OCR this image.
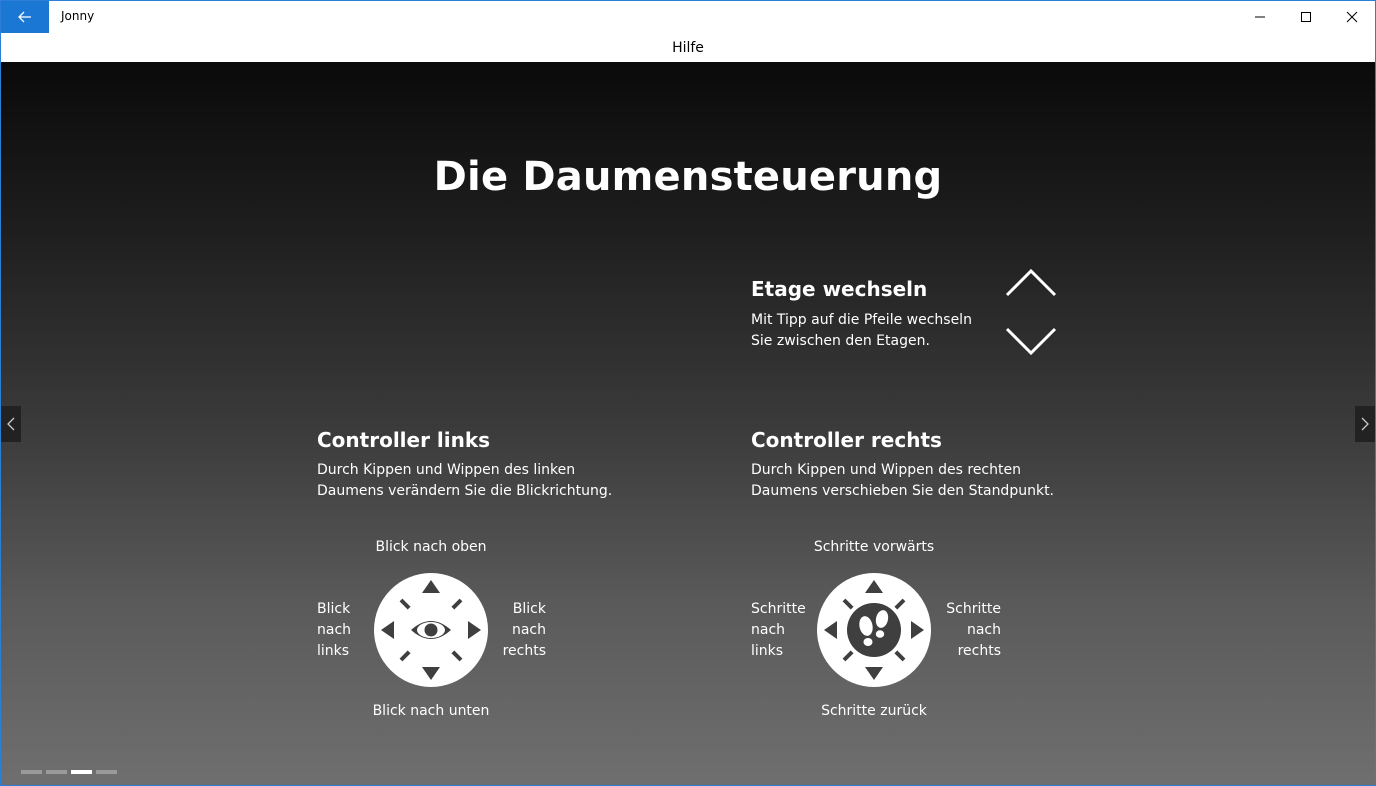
Jonny
Hilfe
Die Daumensteuerung
Etage wechseln
Mit Tipp auf die Pfeile wechseln
Sie zwischen den Etagen.
Controller links
Durch Kippen und Wippen des linken
Daumens verändern Sie die Blickrichtung.
Blick nach oben
Blick nach unten
Blick
nach
links
Blick
nach
rechts
Controller rechts
Durch Kippen und Wippen des rechten
Daumens verschieben Sie den Standpunkt.
Schritte vorwärts
Schritte zurück
Schritte
nach
links
Schritte
nach
rechts
